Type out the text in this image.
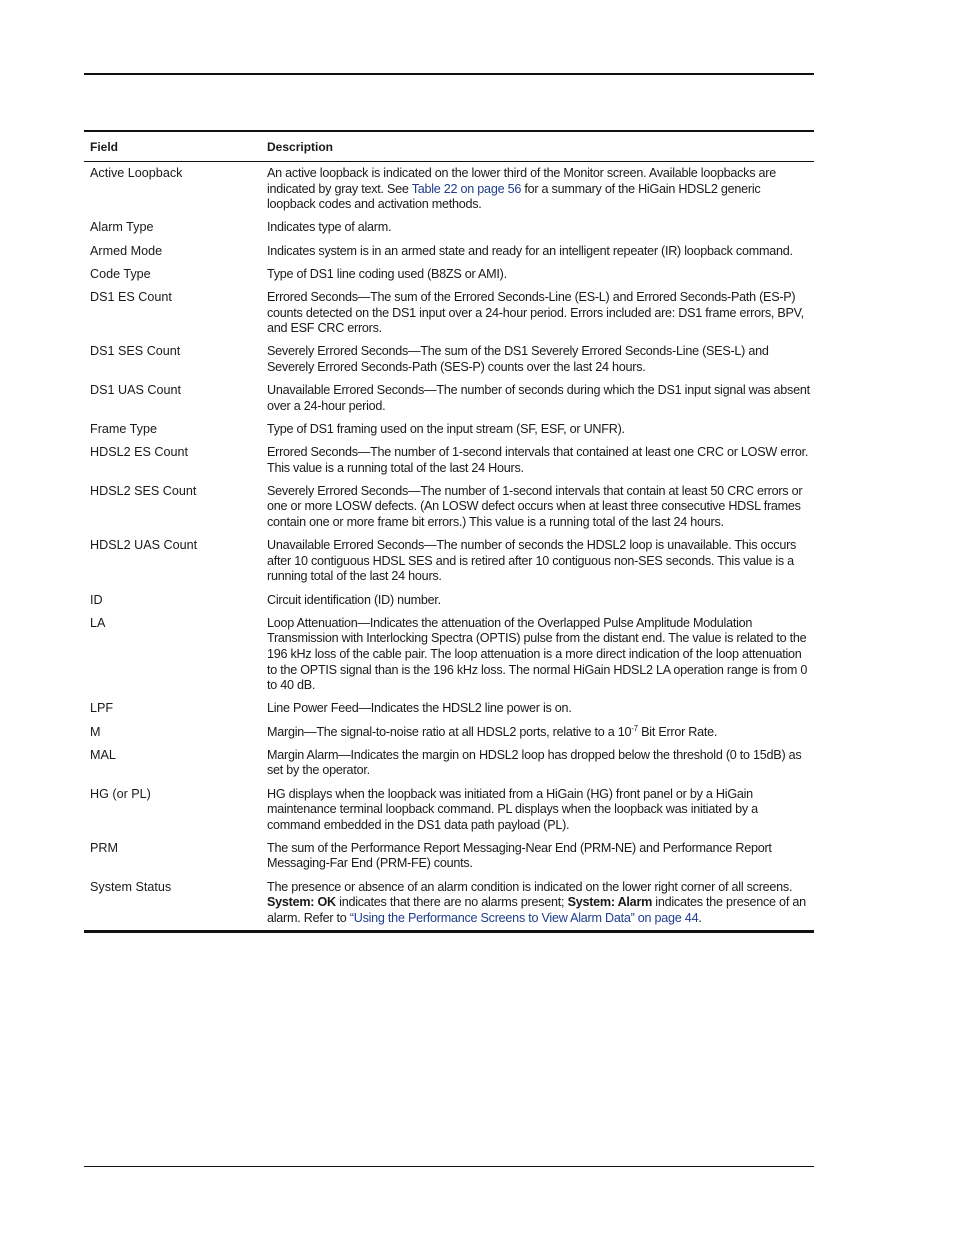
Field	Description
Active Loopback	An active loopback is indicated on the lower third of the Monitor screen. Available loopbacks are indicated by gray text. See Table 22 on page 56 for a summary of the HiGain HDSL2 generic loopback codes and activation methods.
Alarm Type	Indicates type of alarm.
Armed Mode	Indicates system is in an armed state and ready for an intelligent repeater (IR) loopback command.
Code Type	Type of DS1 line coding used (B8ZS or AMI).
DS1 ES Count	Errored Seconds—The sum of the Errored Seconds-Line (ES-L) and Errored Seconds-Path (ES-P) counts detected on the DS1 input over a 24-hour period. Errors included are: DS1 frame errors, BPV, and ESF CRC errors.
DS1 SES Count	Severely Errored Seconds—The sum of the DS1 Severely Errored Seconds-Line (SES-L) and Severely Errored Seconds-Path (SES-P) counts over the last 24 hours.
DS1 UAS Count	Unavailable Errored Seconds—The number of seconds during which the DS1 input signal was absent over a 24-hour period.
Frame Type	Type of DS1 framing used on the input stream (SF, ESF, or UNFR).
HDSL2 ES Count	Errored Seconds—The number of 1-second intervals that contained at least one CRC or LOSW error. This value is a running total of the last 24 Hours.
HDSL2 SES Count	Severely Errored Seconds—The number of 1-second intervals that contain at least 50 CRC errors or one or more LOSW defects. (An LOSW defect occurs when at least three consecutive HDSL frames contain one or more frame bit errors.) This value is a running total of the last 24 hours.
HDSL2 UAS Count	Unavailable Errored Seconds—The number of seconds the HDSL2 loop is unavailable. This occurs after 10 contiguous HDSL SES and is retired after 10 contiguous non-SES seconds. This value is a running total of the last 24 hours.
ID	Circuit identification (ID) number.
LA	Loop Attenuation—Indicates the attenuation of the Overlapped Pulse Amplitude Modulation Transmission with Interlocking Spectra (OPTIS) pulse from the distant end. The value is related to the 196 kHz loss of the cable pair. The loop attenuation is a more direct indication of the loop attenuation to the OPTIS signal than is the 196 kHz loss. The normal HiGain HDSL2 LA operation range is from 0 to 40 dB.
LPF	Line Power Feed—Indicates the HDSL2 line power is on.
M	Margin—The signal-to-noise ratio at all HDSL2 ports, relative to a $10^{-7}$ Bit Error Rate.
MAL	Margin Alarm—Indicates the margin on HDSL2 loop has dropped below the threshold (0 to 15dB) as set by the operator.
HG (or PL)	HG displays when the loopback was initiated from a HiGain (HG) front panel or by a HiGain maintenance terminal loopback command. PL displays when the loopback was initiated by a command embedded in the DS1 data path payload (PL).
PRM	The sum of the Performance Report Messaging-Near End (PRM-NE) and Performance Report Messaging-Far End (PRM-FE) counts.
System Status	The presence or absence of an alarm condition is indicated on the lower right corner of all screens. System: OK indicates that there are no alarms present; System: Alarm indicates the presence of an alarm. Refer to “Using the Performance Screens to View Alarm Data” on page 44.
